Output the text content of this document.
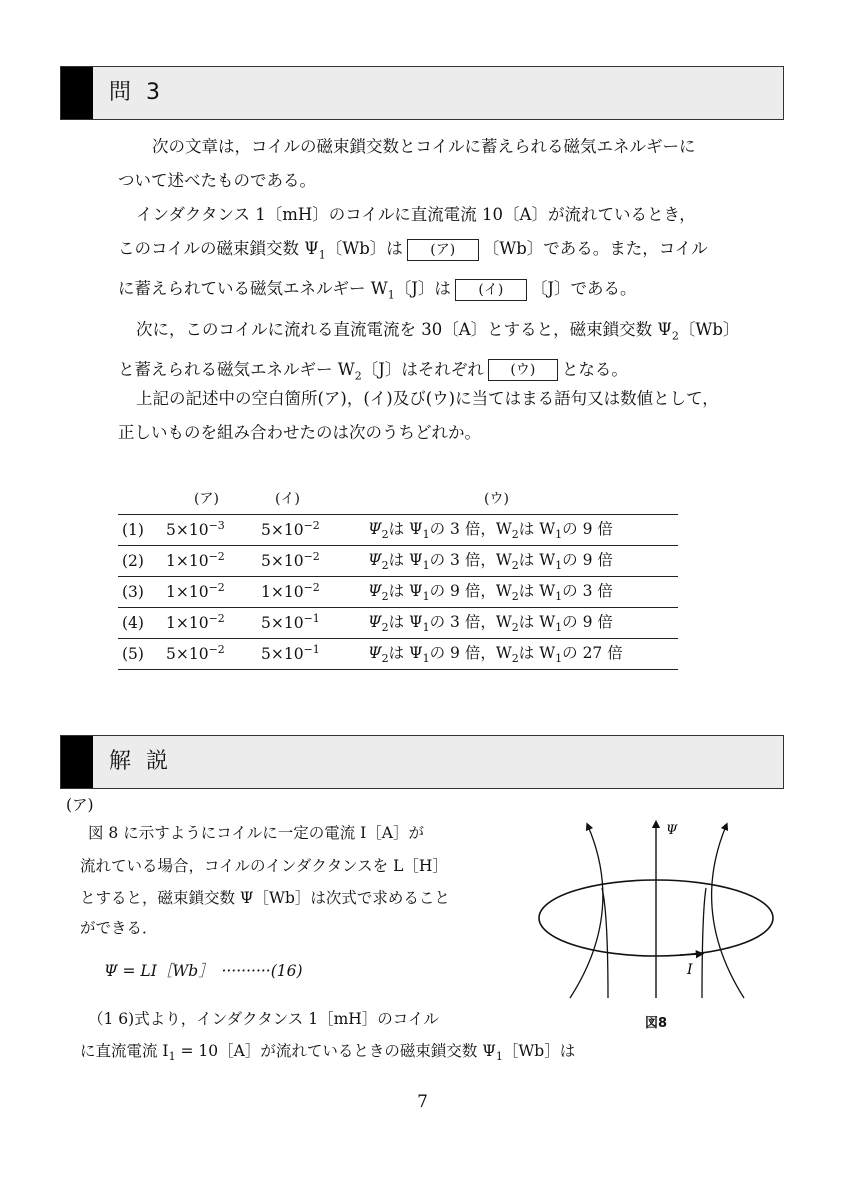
問 3

次の文章は，コイルの磁束鎖交数とコイルに蓄えられる磁気エネルギーに

ついて述べたものである。

インダクタンス 1〔mH〕のコイルに直流電流 10〔A〕が流れているとき，

このコイルの磁束鎖交数 $\Psi_1$〔Wb〕は (ア) 〔Wb〕である。また，コイル

に蓄えられている磁気エネルギー $W_1$〔J〕は (イ) 〔J〕である。

次に，このコイルに流れる直流電流を 30〔A〕とすると，磁束鎖交数 $\Psi_2$〔Wb〕

と蓄えられる磁気エネルギー $W_2$〔J〕はそれぞれ (ウ) となる。

上記の記述中の空白箇所(ア)，(イ)及び(ウ)に当てはまる語句又は数値として，

正しいものを組み合わせたのは次のうちどれか。

	(ア)	(イ)	(ウ)
(1)	$5\times 10^{-3}$	$5\times 10^{-2}$	$\Psi_2$は $\Psi_1$の 3 倍，$W_2$は $W_1$の 9 倍
(2)	$1\times 10^{-2}$	$5\times 10^{-2}$	$\Psi_2$は $\Psi_1$の 3 倍，$W_2$は $W_1$の 9 倍
(3)	$1\times 10^{-2}$	$1\times 10^{-2}$	$\Psi_2$は $\Psi_1$の 9 倍，$W_2$は $W_1$の 3 倍
(4)	$1\times 10^{-2}$	$5\times 10^{-1}$	$\Psi_2$は $\Psi_1$の 3 倍，$W_2$は $W_1$の 9 倍
(5)	$5\times 10^{-2}$	$5\times 10^{-1}$	$\Psi_2$は $\Psi_1$の 9 倍，$W_2$は $W_1$の 27 倍
解 説
(ア)
図 8 に示すようにコイルに一定の電流 I［A］が
流れている場合，コイルのインダクタンスを L［H］
とすると，磁束鎖交数 Ψ［Wb］は次式で求めること
ができる．
Ψ = LI［Wb］　··········(16)
（1 6)式より，インダクタンス 1［mH］のコイル
に直流電流 $I_1$ = 10［A］が流れているときの磁束鎖交数 $\Psi_1[Wb]$は
Ψ
I
図8
7
